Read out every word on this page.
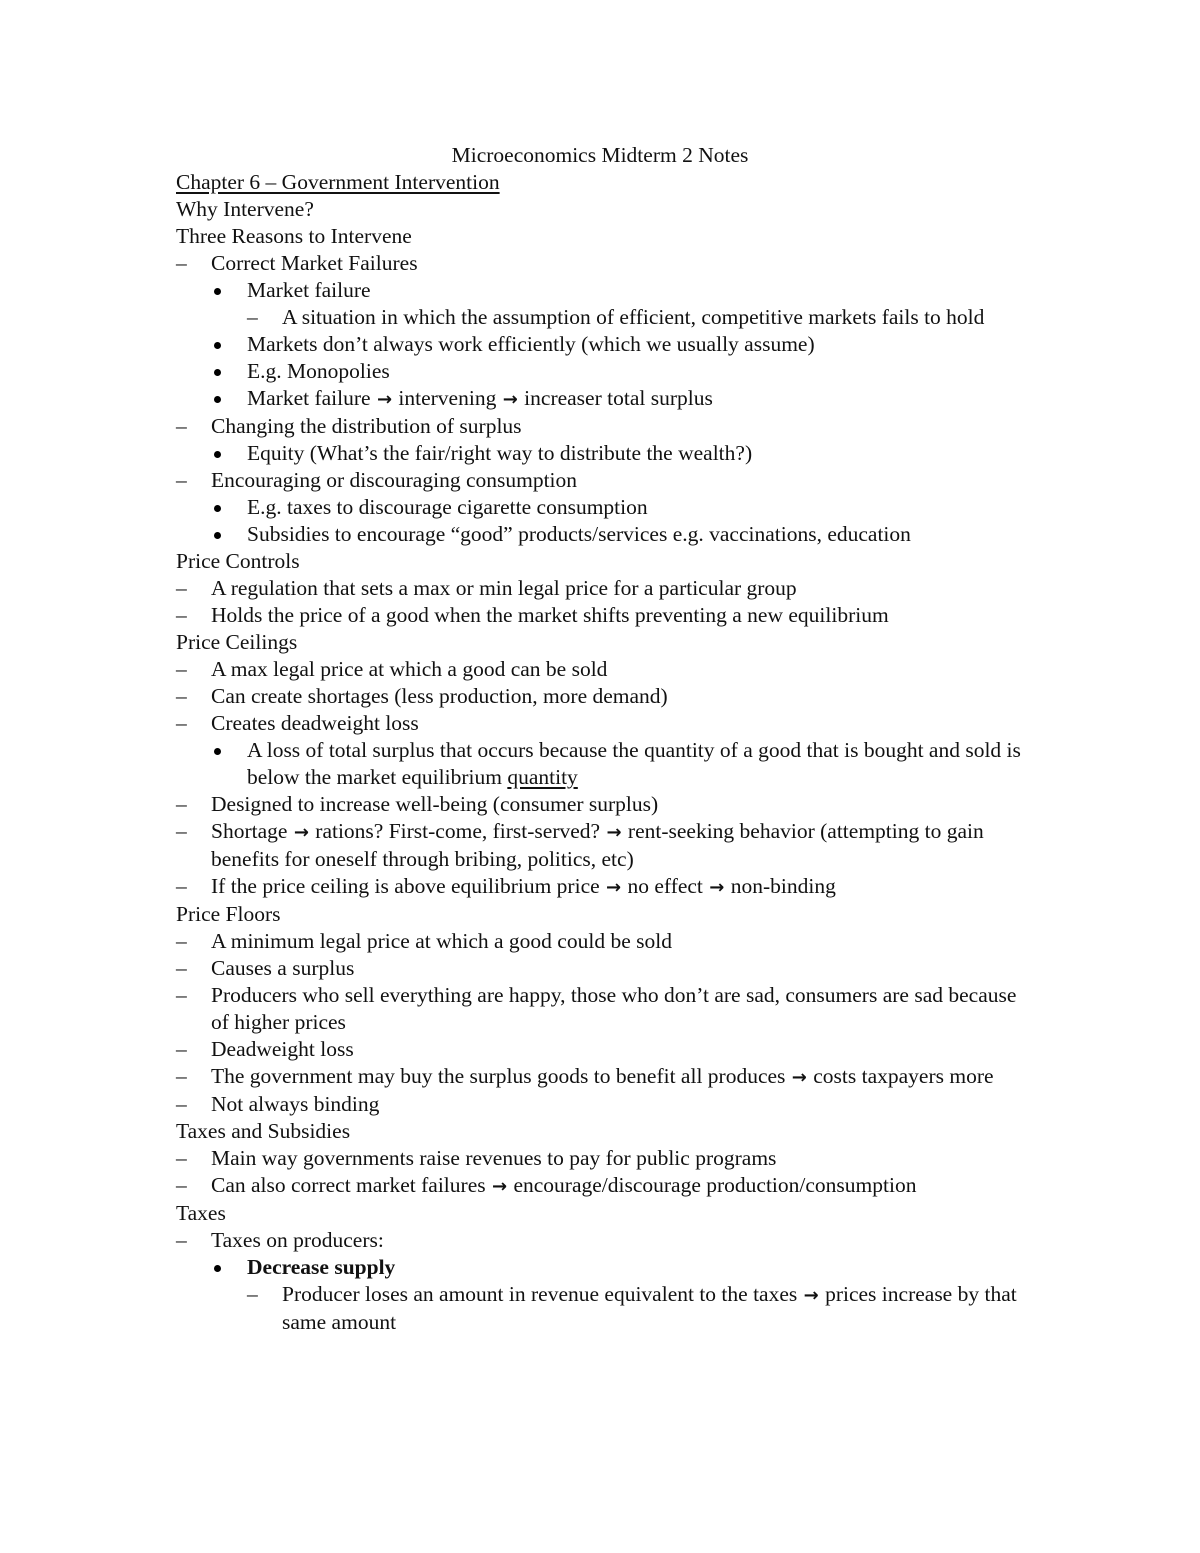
Microeconomics Midterm 2 Notes
Chapter 6 – Government Intervention
Why Intervene?
Three Reasons to Intervene
– Correct Market Failures
Market failure
– A situation in which the assumption of efficient, competitive markets fails to hold
Markets don’t always work efficiently (which we usually assume)
E.g. Monopolies
Market failure → intervening → increaser total surplus
– Changing the distribution of surplus
Equity (What’s the fair/right way to distribute the wealth?)
– Encouraging or discouraging consumption
E.g. taxes to discourage cigarette consumption
Subsidies to encourage “good” products/services e.g. vaccinations, education
Price Controls
– A regulation that sets a max or min legal price for a particular group
– Holds the price of a good when the market shifts preventing a new equilibrium
Price Ceilings
– A max legal price at which a good can be sold
– Can create shortages (less production, more demand)
– Creates deadweight loss
A loss of total surplus that occurs because the quantity of a good that is bought and sold is below the market equilibrium quantity
– Designed to increase well-being (consumer surplus)
– Shortage → rations? First-come, first-served? → rent-seeking behavior (attempting to gain benefits for oneself through bribing, politics, etc)
– If the price ceiling is above equilibrium price → no effect → non-binding
Price Floors
– A minimum legal price at which a good could be sold
– Causes a surplus
– Producers who sell everything are happy, those who don’t are sad, consumers are sad because of higher prices
– Deadweight loss
– The government may buy the surplus goods to benefit all produces → costs taxpayers more
– Not always binding
Taxes and Subsidies
– Main way governments raise revenues to pay for public programs
– Can also correct market failures → encourage/discourage production/consumption
Taxes
– Taxes on producers:
Decrease supply
– Producer loses an amount in revenue equivalent to the taxes → prices increase by that same amount
